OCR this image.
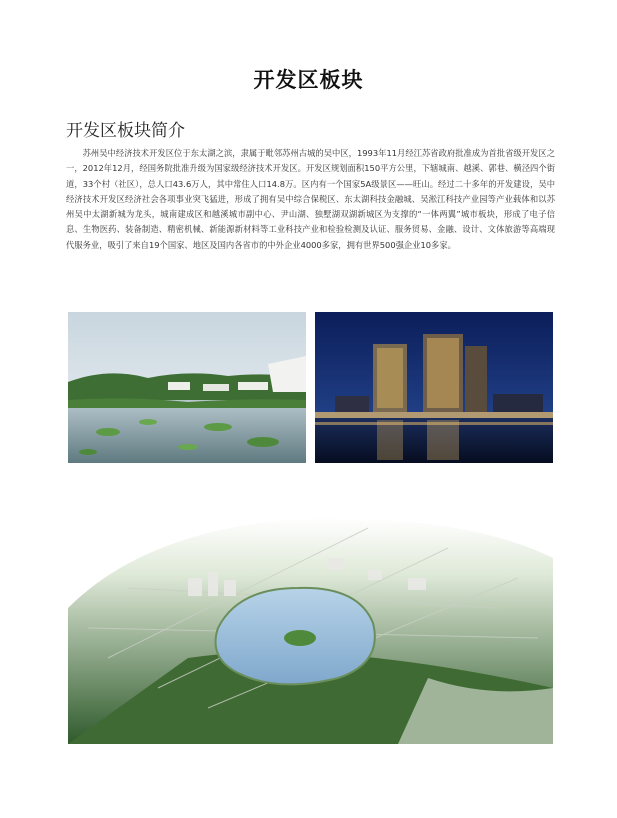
开发区板块
开发区板块简介

苏州吴中经济技术开发区位于东太湖之滨，隶属于毗邻苏州古城的吴中区，1993年11月经江苏省政府批准成为首批省级开发区之一，2012年12月，经国务院批准升级为国家级经济技术开发区。开发区规划面积150平方公里，下辖城南、越溪、郭巷、横泾四个街道，33个村（社区），总人口43.6万人，其中常住人口14.8万。区内有一个国家5A级景区——旺山。经过二十多年的开发建设，吴中经济技术开发区经济社会各项事业突飞猛进，形成了拥有吴中综合保税区、东太湖科技金融城、吴淞江科技产业园等产业载体和以苏州吴中太湖新城为龙头，城南建成区和越溪城市副中心、尹山湖、独墅湖双湖新城区为支撑的“一体两翼”城市板块，形成了电子信息、生物医药、装备制造、精密机械、新能源新材料等工业科技产业和检验检测及认证、服务贸易、金融、设计、文体旅游等高端现代服务业，吸引了来自19个国家、地区及国内各省市的中外企业4000多家，拥有世界500强企业10多家。
